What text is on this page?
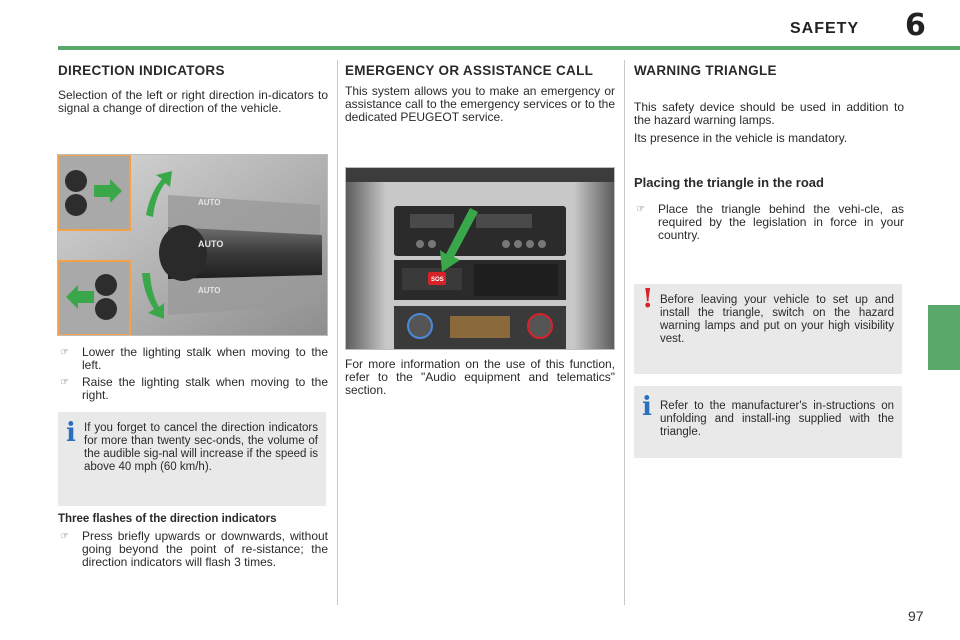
SAFETY 6
DIRECTION INDICATORS

Selection of the left or right direction in-dicators to signal a change of direction of the vehicle.

AUTO
AUTO
AUTO
☞	Lower the lighting stalk when moving to the left.
☞	Raise the lighting stalk when moving to the right.
i If you forget to cancel the direction indicators for more than twenty sec-onds, the volume of the audible sig-nal will increase if the speed is above 40 mph (60 km/h).
Three flashes of the direction indicators
☞	Press briefly upwards or downwards, without going beyond the point of re-sistance; the direction indicators will flash 3 times.
EMERGENCY OR ASSISTANCE CALL

This system allows you to make an emergency or assistance call to the emergency services or to the dedicated PEUGEOT service.

SOS

For more information on the use of this function, refer to the "Audio equipment and telematics" section.

WARNING TRIANGLE

This safety device should be used in addition to the hazard warning lamps.

Its presence in the vehicle is mandatory.

Placing the triangle in the road
☞	Place the triangle behind the vehi-cle, as required by the legislation in force in your country.
! Before leaving your vehicle to set up and install the triangle, switch on the hazard warning lamps and put on your high visibility vest.
i Refer to the manufacturer's in-structions on unfolding and install-ing supplied with the triangle.
97
